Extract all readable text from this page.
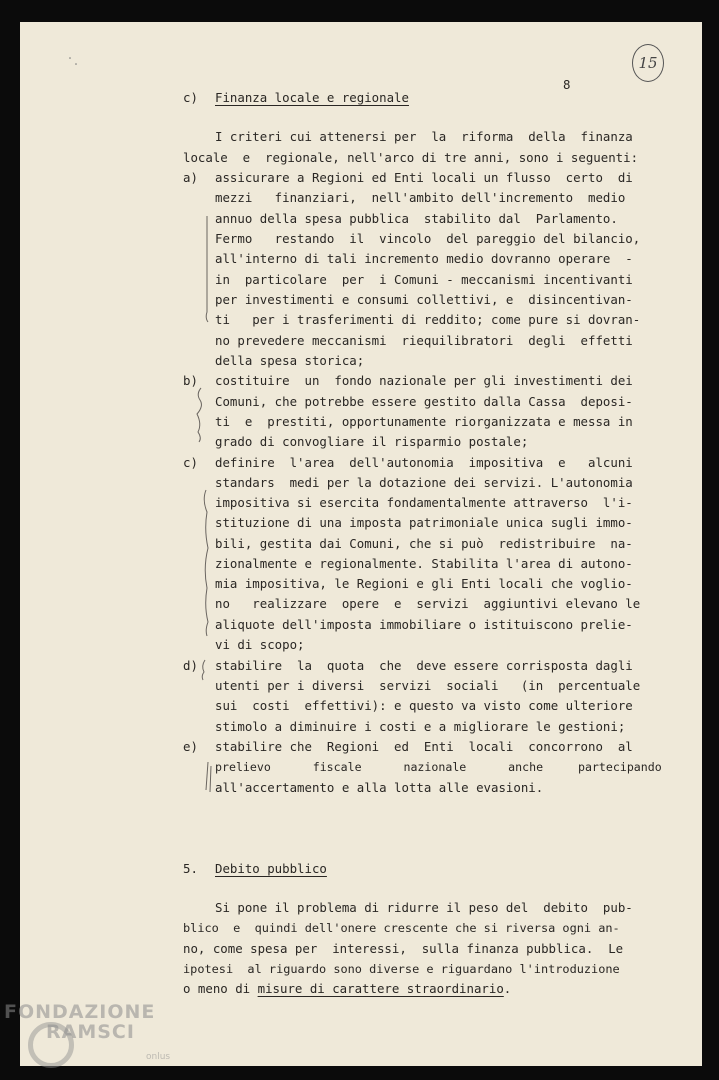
15
8
c) Finanza locale e regionale
I criteri cui attenersi per  la  riforma  della  finanza
locale  e  regionale, nell'arco di tre anni, sono i seguenti:
a) assicurare a Regioni ed Enti locali un flusso  certo  di
mezzi   finanziari,  nell'ambito dell'incremento  medio
annuo della spesa pubblica  stabilito dal  Parlamento.
Fermo   restando  il  vincolo  del pareggio del bilancio,
all'interno di tali incremento medio dovranno operare  -
in  particolare  per  i Comuni - meccanismi incentivanti
per investimenti e consumi collettivi, e  disincentivan-
ti   per i trasferimenti di reddito; come pure si dovran-
no prevedere meccanismi  riequilibratori  degli  effetti
della spesa storica;
b) costituire  un  fondo nazionale per gli investimenti dei
Comuni, che potrebbe essere gestito dalla Cassa  deposi-
ti  e  prestiti, opportunamente riorganizzata e messa in
grado di convogliare il risparmio postale;
c) definire  l'area  dell'autonomia  impositiva  e   alcuni
standars  medi per la dotazione dei servizi. L'autonomia
impositiva si esercita fondamentalmente attraverso  l'i-
stituzione di una imposta patrimoniale unica sugli immo-
bili, gestita dai Comuni, che si può  redistribuire  na-
zionalmente e regionalmente. Stabilita l'area di autono-
mia impositiva, le Regioni e gli Enti locali che voglio-
no   realizzare  opere  e  servizi  aggiuntivi elevano le
aliquote dell'imposta immobiliare o istituiscono prelie-
vi di scopo;
d) stabilire  la  quota  che  deve essere corrisposta dagli
utenti per i diversi  servizi  sociali   (in  percentuale
sui  costi  effettivi): e questo va visto come ulteriore
stimolo a diminuire i costi e a migliorare le gestioni;
e) stabilire che  Regioni  ed  Enti  locali  concorrono  al
prelievo      fiscale      nazionale      anche     partecipando
all'accertamento e alla lotta alle evasioni.
5. Debito pubblico
Si pone il problema di ridurre il peso del  debito  pub-
blico  e  quindi dell'onere crescente che si riversa ogni an-
no, come spesa per  interessi,  sulla finanza pubblica.  Le
ipotesi  al riguardo sono diverse e riguardano l'introduzione
o meno di misure di carattere straordinario.
FONDAZIONE
RAMSCI
onlus
